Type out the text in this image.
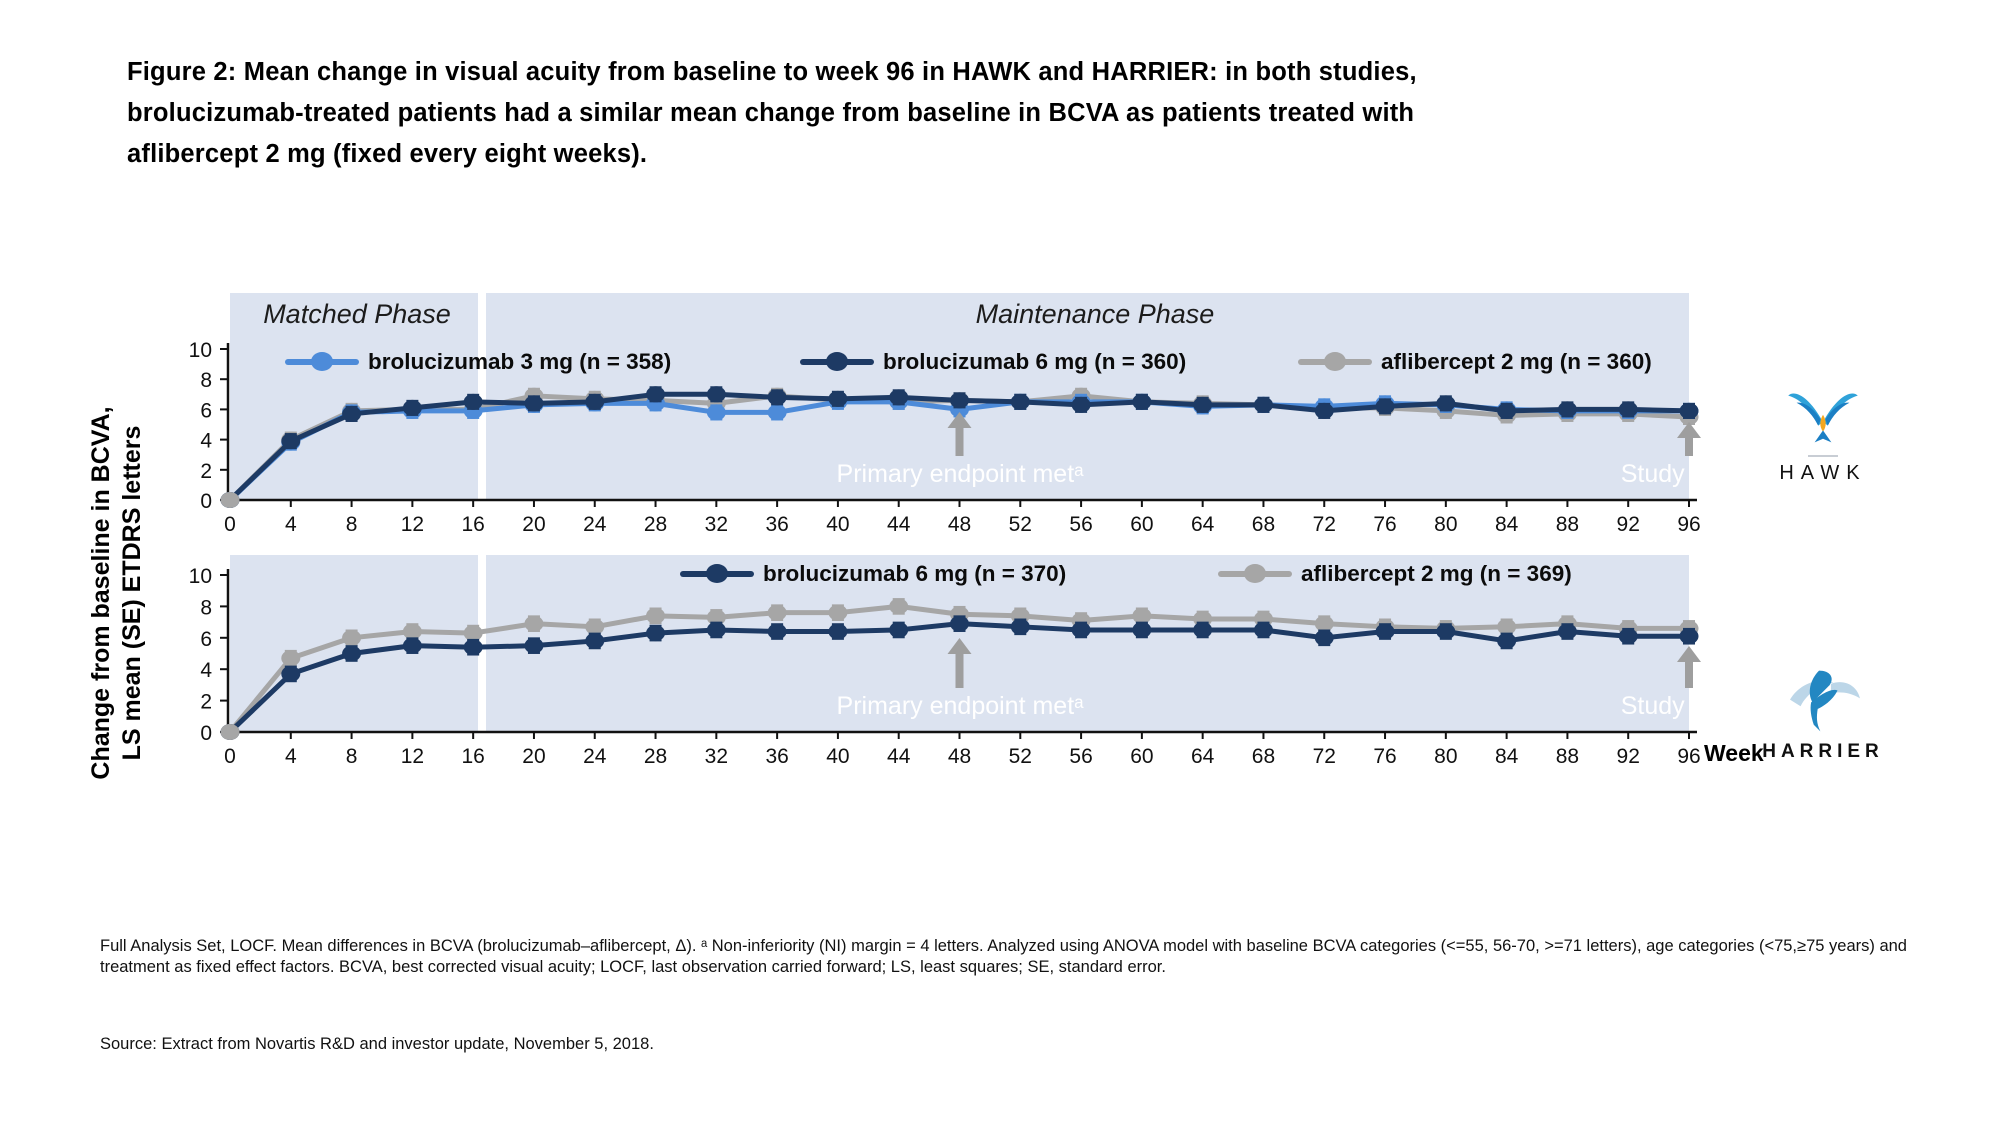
0
2
4
6
8
10
0 4 8 12 16 20 24 28 32 36 40 44 48 52 56 60 64 68 72 76 80 84 88 92 96
0
2
4
6
8
10
0 4 8 12 16 20 24 28 32 36 40 44 48 52 56 60 64 68 72 76 80 84 88 92 96
Figure 2: Mean change in visual acuity from baseline to week 96 in HAWK and HARRIER: in both studies, brolucizumab-treated patients had a similar mean change from baseline in BCVA as patients treated with aflibercept 2 mg (fixed every eight weeks).
Change from baseline in BCVA, LS mean (SE) ETDRS letters
Matched Phase	Maintenance Phase
brolucizumab 3 mg (n = 358)	brolucizumab 6 mg (n = 360)	aflibercept 2 mg (n = 360)
brolucizumab 6 mg (n = 370)	aflibercept 2 mg (n = 369)
Primary endpoint metᵃ	Study end
Primary endpoint metᵃ	Study end
Week
HAWK
HARRIER
Full Analysis Set, LOCF. Mean differences in BCVA (brolucizumab–aflibercept, Δ). ᵃ Non-inferiority (NI) margin = 4 letters. Analyzed using ANOVA model with baseline BCVA categories (<=55, 56-70, >=71 letters), age categories (<75,≥75 years) and treatment as fixed effect factors. BCVA, best corrected visual acuity; LOCF, last observation carried forward; LS, least squares; SE, standard error.
Source: Extract from Novartis R&D and investor update, November 5, 2018.
